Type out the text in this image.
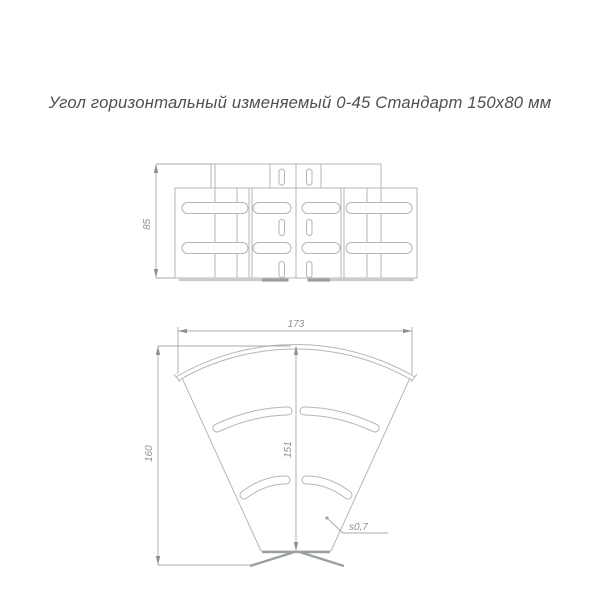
Угол горизонтальный изменяемый 0-45 Стандарт 150х80 мм
85
173
160	151
s0,7
